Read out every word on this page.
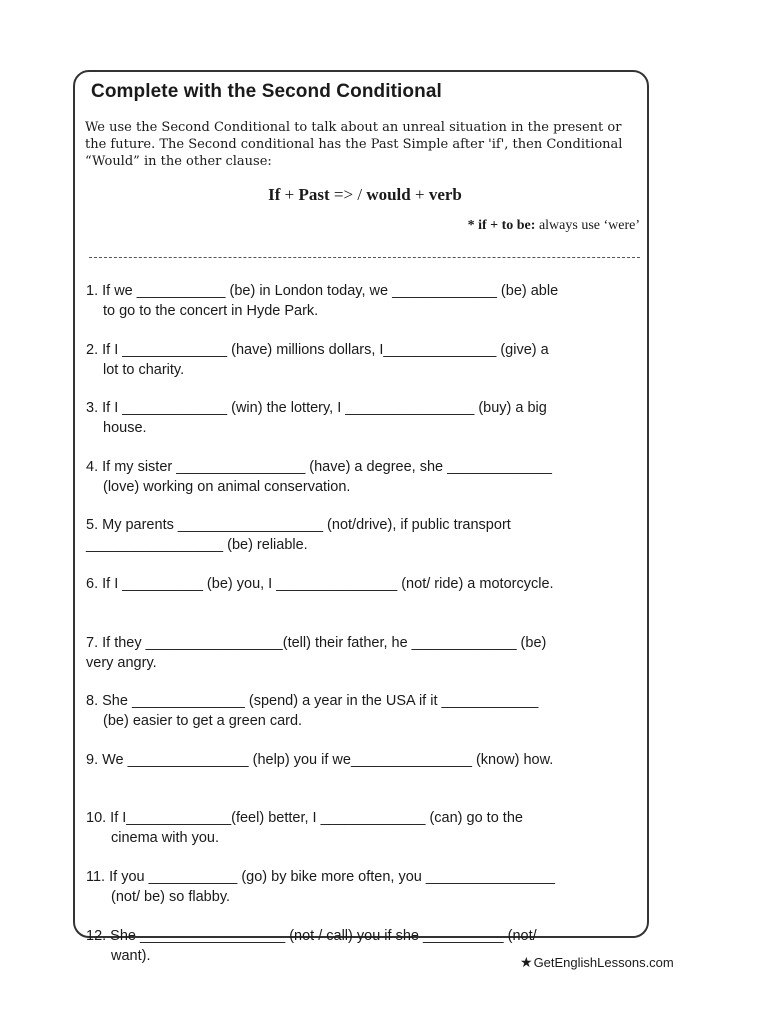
Complete with the Second Conditional
We use the Second Conditional to talk about an unreal situation in the present or the future. The Second conditional has the Past Simple after 'if', then Conditional “Would” in the other clause:
If + Past => / would + verb
* if + to be: always use ‘were’
1. If we ___________ (be) in London today, we _____________ (be) able
to go to the concert in Hyde Park.
2. If I _____________ (have) millions dollars, I______________ (give) a
lot to charity.
3. If I _____________ (win) the lottery, I ________________ (buy) a big
house.
4. If my sister ________________ (have) a degree, she _____________
(love) working on animal conservation.
5. My parents __________________ (not/drive), if public transport
_________________ (be) reliable.
6. If I __________ (be) you, I _______________ (not/ ride) a motorcycle.
7. If they _________________(tell) their father, he _____________ (be)
very angry.
8. She ______________ (spend) a year in the USA if it ____________
(be) easier to get a green card.
9. We _______________ (help) you if we_______________ (know) how.
10. If I_____________(feel) better, I _____________ (can) go to the
cinema with you.
11. If you ___________ (go) by bike more often, you ________________
(not/ be) so flabby.
12. She __________________ (not / call) you if she __________ (not/
want).	★GetEnglishLessons.com
